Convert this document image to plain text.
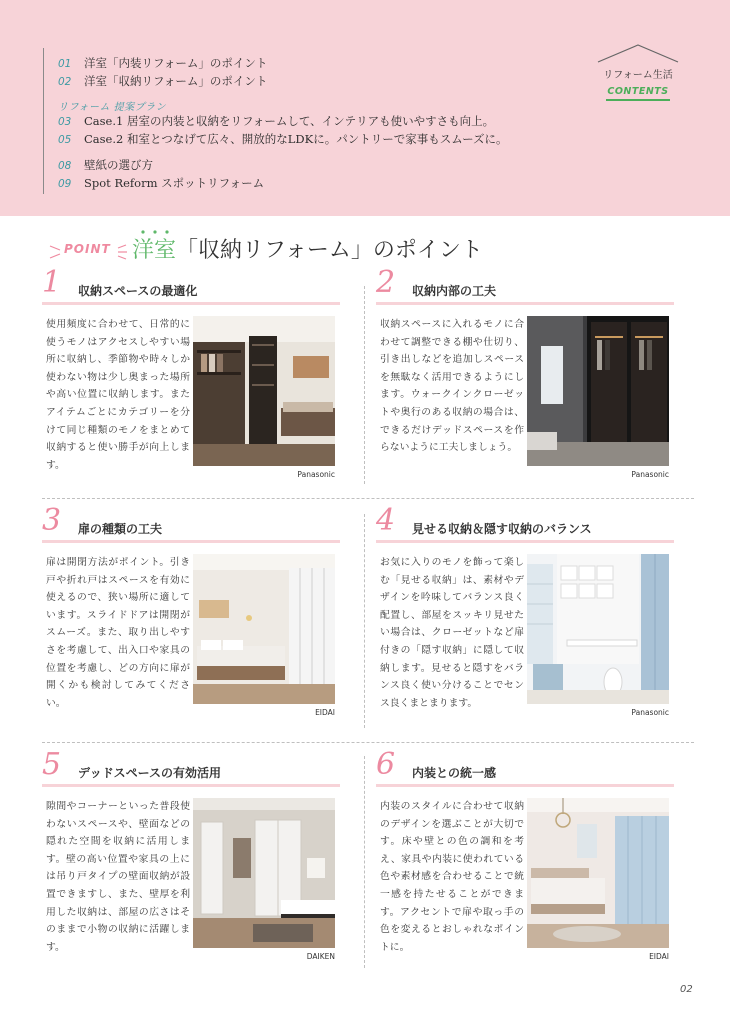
01 洋室「内装リフォーム」のポイント
02 洋室「収納リフォーム」のポイント
リフォーム 提案プラン
03 Case.1 居室の内装と収納をリフォームして、インテリアも使いやすさも向上。
05 Case.2 和室とつなげて広々、開放的なLDKに。パントリーで家事もスムーズに。
08 壁紙の選び方
09 Spot Reform スポットリフォーム
リフォーム生活
CONTENTS
POINT 洋室「収納リフォーム」のポイント
1 収納スペースの最適化
使用頻度に合わせて、日常的に使うモノはアクセスしやすい場所に収納し、季節物や時々しか使わない物は少し奥まった場所や高い位置に収納します。またアイテムごとにカテゴリーを分けて同じ種類のモノをまとめて収納すると使い勝手が向上します。
Panasonic
2 収納内部の工夫
収納スペースに入れるモノに合わせて調整できる棚や仕切り、引き出しなどを追加しスペースを無駄なく活用できるようにします。ウォークインクローゼットや奥行のある収納の場合は、できるだけデッドスペースを作らないように工夫しましょう。
Panasonic
3 扉の種類の工夫
扉は開閉方法がポイント。引き戸や折れ戸はスペースを有効に使えるので、狭い場所に適しています。スライドドアは開閉がスムーズ。また、取り出しやすさを考慮して、出入口や家具の位置を考慮し、どの方向に扉が開くかも検討してみてください。
EIDAI
4 見せる収納＆隠す収納のバランス
お気に入りのモノを飾って楽しむ「見せる収納」は、素材やデザインを吟味してバランス良く配置し、部屋をスッキリ見せたい場合は、クローゼットなど扉付きの「隠す収納」に隠して収納します。見せると隠すをバランス良く使い分けることでセンス良くまとまります。
Panasonic
5 デッドスペースの有効活用
隙間やコーナーといった普段使わないスペースや、壁面などの隠れた空間を収納に活用します。壁の高い位置や家具の上には吊り戸タイプの壁面収納が設置できますし、また、壁厚を利用した収納は、部屋の広さはそのままで小物の収納に活躍します。
DAIKEN
6 内装との統一感
内装のスタイルに合わせて収納のデザインを選ぶことが大切です。床や壁との色の調和を考え、家具や内装に使われている色や素材感を合わせることで統一感を持たせることができます。アクセントで扉や取っ手の色を変えるとおしゃれなポイントに。
EIDAI
02
